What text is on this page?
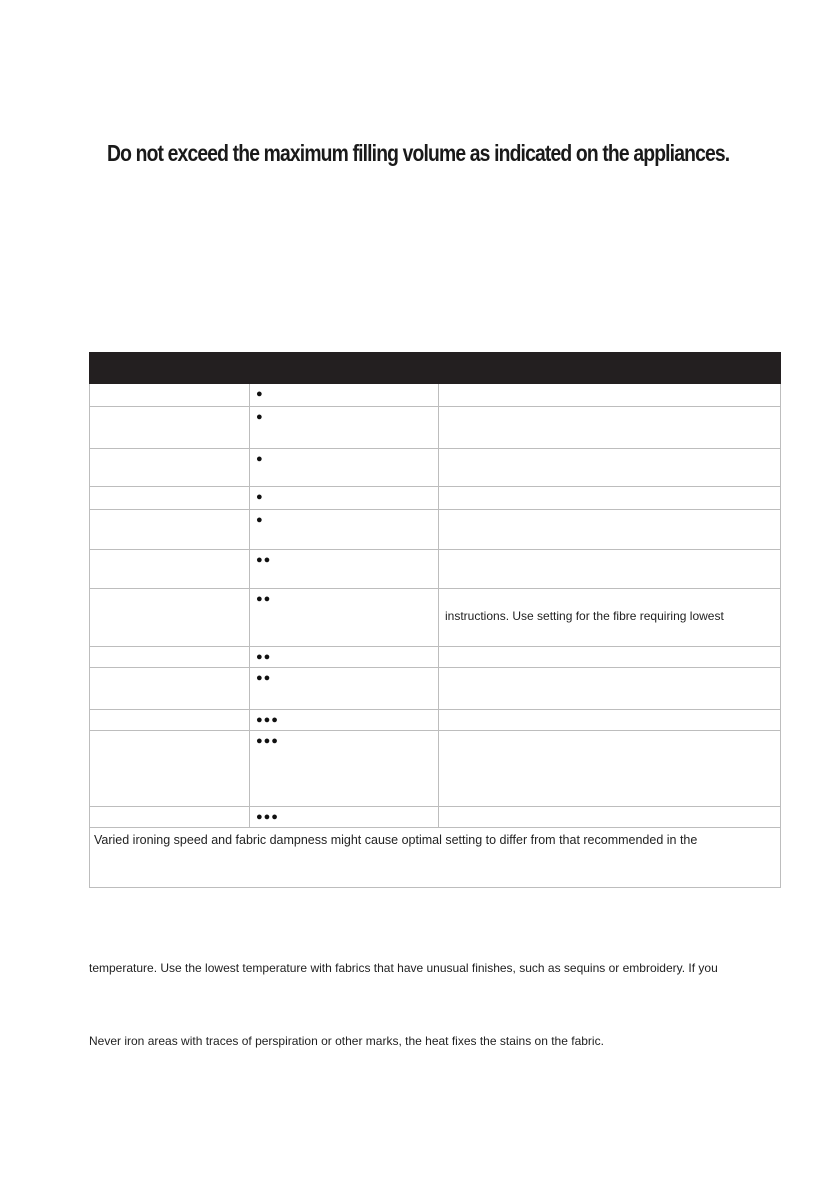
Do not exceed the maximum filling volume as indicated on the appliances.

	●	

	●	

	●	

	●	

	●	

	●●	

	●●	instructions. Use setting for the fibre requiring lowest

	●●	

	●●	

	●●●	

	●●●	

	●●●	

Varied ironing speed and fabric dampness might cause optimal setting to differ from that recommended in the		

temperature. Use the lowest temperature with fabrics that have unusual finishes, such as sequins or embroidery. If you

Never iron areas with traces of perspiration or other marks, the heat fixes the stains on the fabric.
